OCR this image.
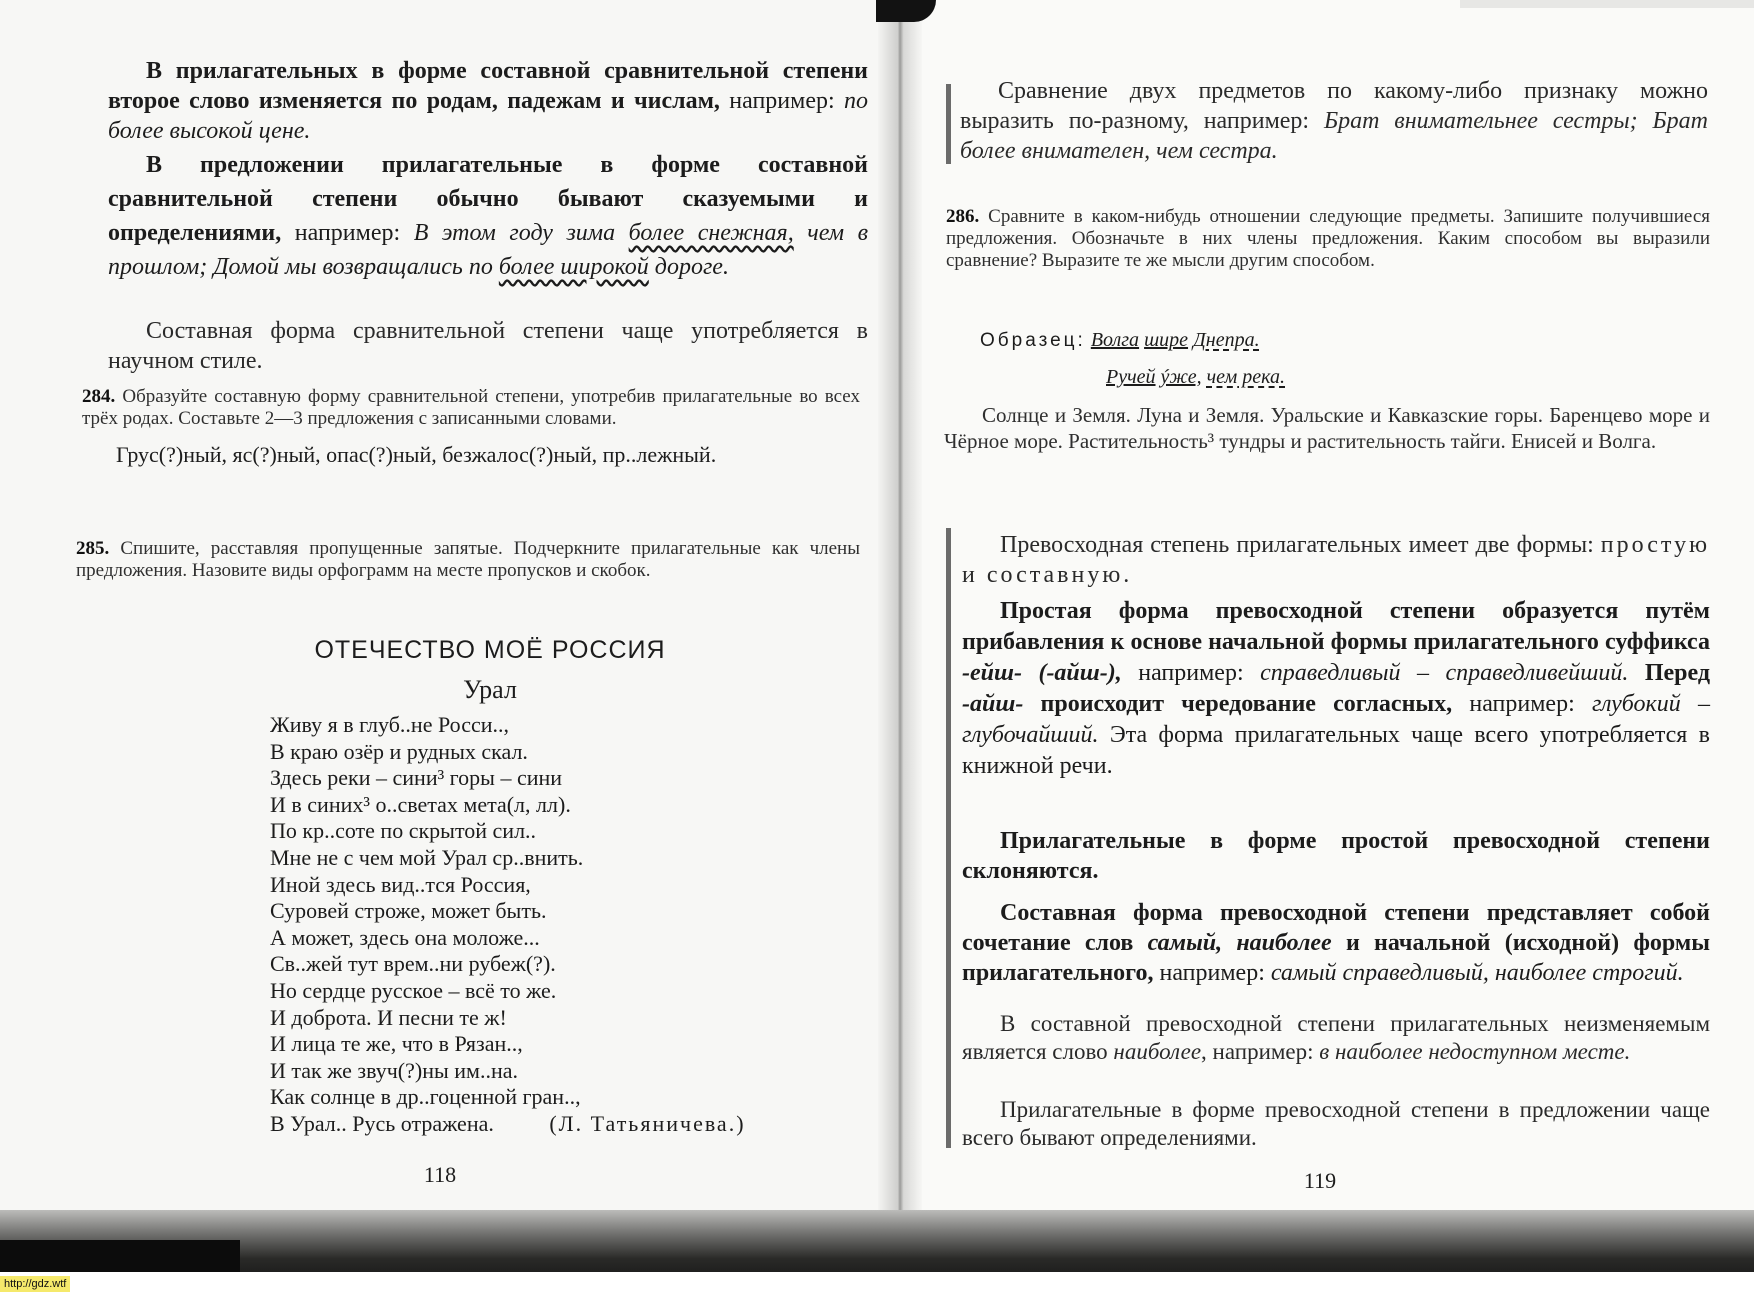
В прилагательных в форме составной сравнительной степени второе слово изменяется по родам, падежам и числам, например: по более высокой цене.

В предложении прилагательные в форме составной сравнительной степени обычно бывают сказуемыми и определениями, например: В этом году зима более снежная, чем в прошлом; Домой мы возвращались по более широкой дороге.

Составная форма сравнительной степени чаще употребляется в научном стиле.

284. Образуйте составную форму сравнительной степени, употребив прилагательные во всех трёх родах. Составьте 2—3 предложения с записанными словами.

Грус(?)ный, яс(?)ный, опас(?)ный, безжалос(?)ный, пр..лежный.

285. Спишите, расставляя пропущенные запятые. Подчеркните прилагательные как члены предложения. Назовите виды орфограмм на месте пропусков и скобок.

ОТЕЧЕСТВО МОЁ РОССИЯ
Урал
Живу я в глуб..не Росси..,
В краю озёр и рудных скал.
Здесь реки – сини³ горы – сини
И в синих³ о..светах мета(л, лл).
По кр..соте по скрытой сил..
Мне не с чем мой Урал ср..внить.
Иной здесь вид..тся Россия,
Суровей строже, может быть.
А может, здесь она моложе...
Св..жей тут врем..ни рубеж(?).
Но сердце русское – всё то же.
И доброта. И песни те ж!
И лица те же, что в Рязан..,
И так же звуч(?)ны им..на.
Как солнце в др..гоценной гран..,
В Урал.. Русь отражена.	(Л. Татьяничева.)
118

Сравнение двух предметов по какому-либо признаку можно выразить по-разному, например: Брат внимательнее сестры; Брат более внимателен, чем сестра.

286. Сравните в каком-нибудь отношении следующие предметы. Запишите получившиеся предложения. Обозначьте в них члены предложения. Каким способом вы выразили сравнение? Выразите те же мысли другим способом.

Образец: Волга шире Днепра.
Ручей ýже, чем река.

Солнце и Земля. Луна и Земля. Уральские и Кавказские горы. Баренцево море и Чёрное море. Растительность³ тундры и растительность тайги. Енисей и Волга.

Превосходная степень прилагательных имеет две формы: простую и составную.

Простая форма превосходной степени образуется путём прибавления к основе начальной формы прилагательного суффикса -ейш- (-айш-), например: справедливый – справедливейший. Перед -айш- происходит чередование согласных, например: глубокий – глубочайший. Эта форма прилагательных чаще всего употребляется в книжной речи.

Прилагательные в форме простой превосходной степени склоняются.

Составная форма превосходной степени представляет собой сочетание слов самый, наиболее и начальной (исходной) формы прилагательного, например: самый справедливый, наиболее строгий.

В составной превосходной степени прилагательных неизменяемым является слово наиболее, например: в наиболее недоступном месте.

Прилагательные в форме превосходной степени в предложении чаще всего бывают определениями.

119
http://gdz.wtf
